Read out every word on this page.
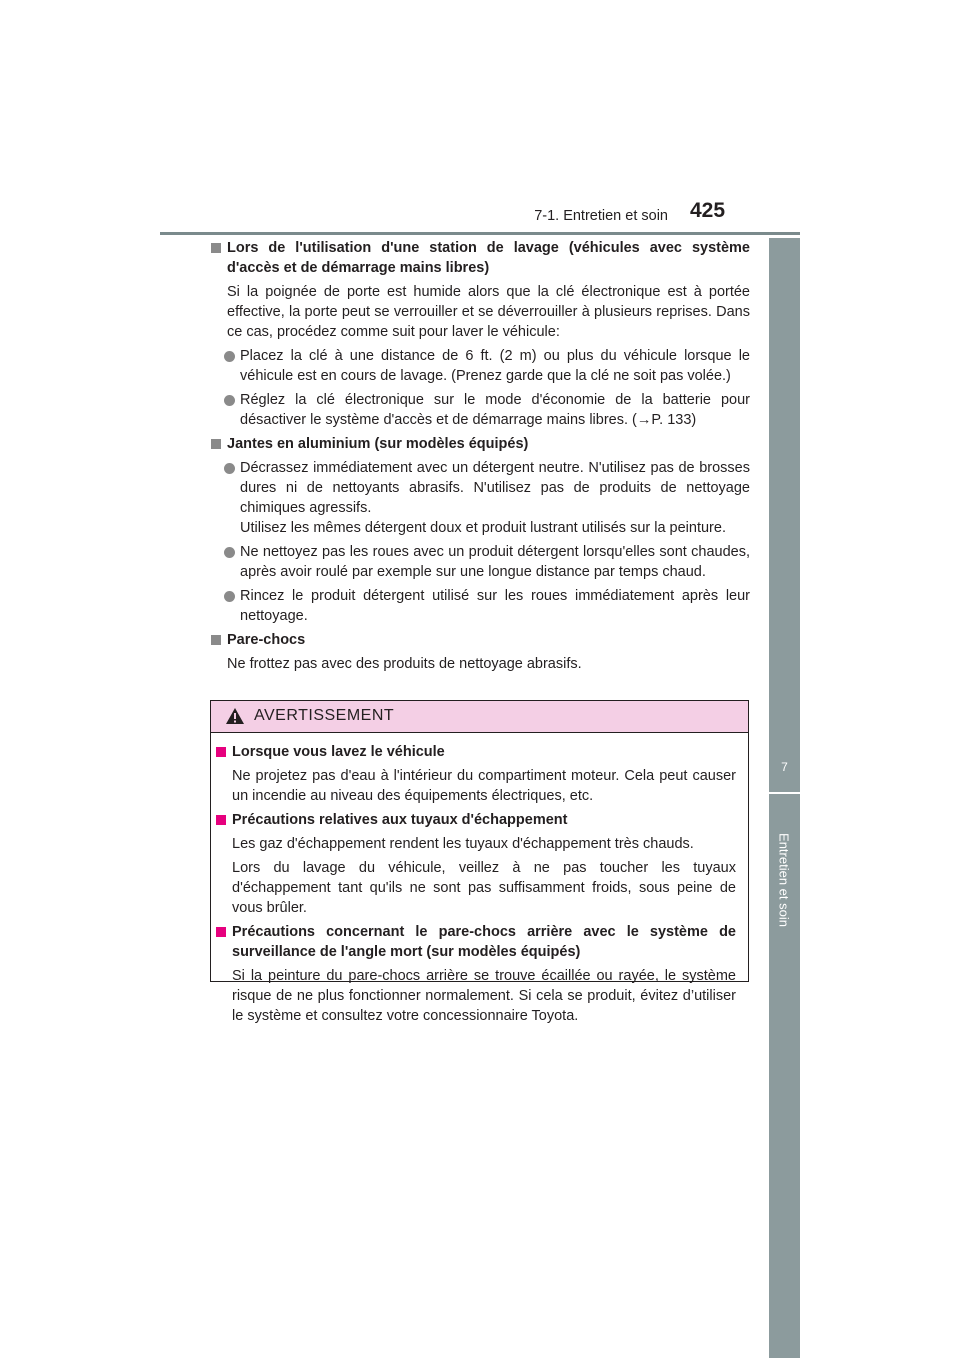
7-1. Entretien et soin 425
7
Entretien et soin
Lors de l'utilisation d'une station de lavage (véhicules avec système d'accès et de démarrage mains libres)
Si la poignée de porte est humide alors que la clé électronique est à portée effective, la porte peut se verrouiller et se déverrouiller à plusieurs reprises. Dans ce cas, procédez comme suit pour laver le véhicule:
Placez la clé à une distance de 6 ft. (2 m) ou plus du véhicule lorsque le véhicule est en cours de lavage. (Prenez garde que la clé ne soit pas volée.)
Réglez la clé électronique sur le mode d'économie de la batterie pour désactiver le système d'accès et de démarrage mains libres. (→P. 133)
Jantes en aluminium (sur modèles équipés)
Décrassez immédiatement avec un détergent neutre. N'utilisez pas de brosses dures ni de nettoyants abrasifs. N'utilisez pas de produits de nettoyage chimiques agressifs.
Utilisez les mêmes détergent doux et produit lustrant utilisés sur la peinture.
Ne nettoyez pas les roues avec un produit détergent lorsqu'elles sont chaudes, après avoir roulé par exemple sur une longue distance par temps chaud.
Rincez le produit détergent utilisé sur les roues immédiatement après leur nettoyage.
Pare-chocs
Ne frottez pas avec des produits de nettoyage abrasifs.
AVERTISSEMENT
Lorsque vous lavez le véhicule
Ne projetez pas d'eau à l'intérieur du compartiment moteur. Cela peut causer un incendie au niveau des équipements électriques, etc.
Précautions relatives aux tuyaux d'échappement
Les gaz d'échappement rendent les tuyaux d'échappement très chauds.
Lors du lavage du véhicule, veillez à ne pas toucher les tuyaux d'échappement tant qu'ils ne sont pas suffisamment froids, sous peine de vous brûler.
Précautions concernant le pare-chocs arrière avec le système de surveillance de l'angle mort (sur modèles équipés)
Si la peinture du pare-chocs arrière se trouve écaillée ou rayée, le système risque de ne plus fonctionner normalement. Si cela se produit, évitez d’utiliser le système et consultez votre concessionnaire Toyota.
